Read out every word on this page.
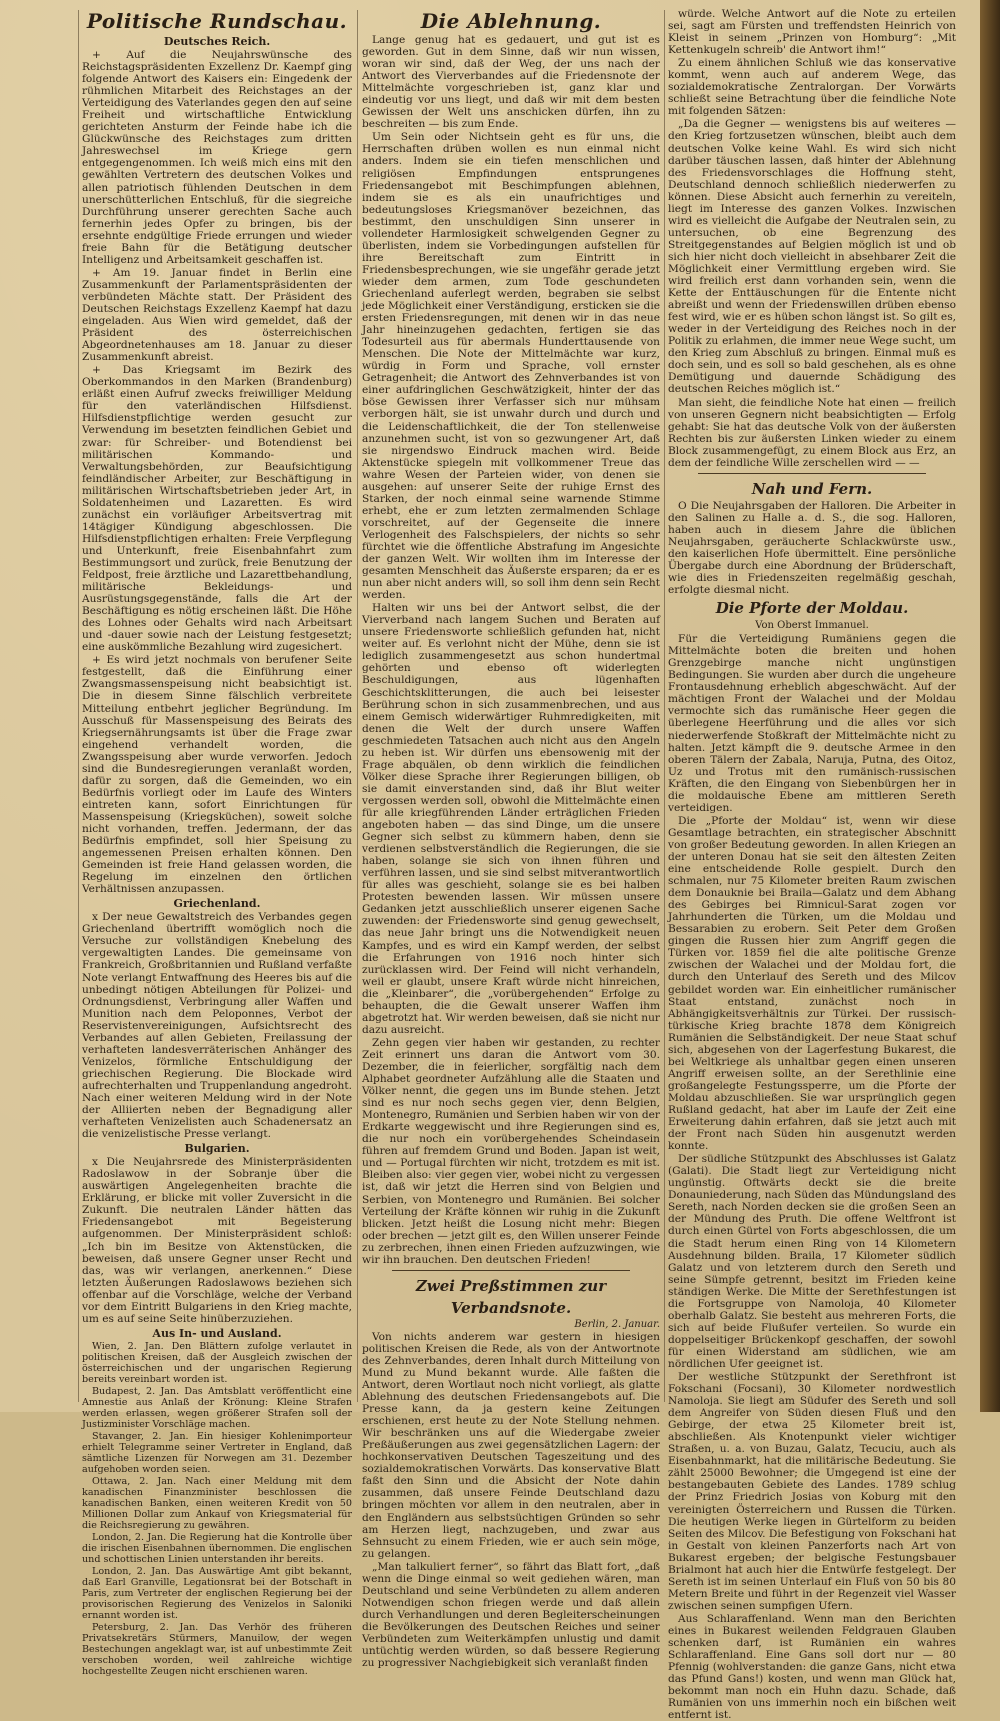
Politische Rundschau.
Deutsches Reich.

+ Auf die Neujahrswünsche des Reichstagspräsidenten Exzellenz Dr. Kaempf ging folgende Antwort des Kaisers ein: Eingedenk der rühmlichen Mitarbeit des Reichstages an der Verteidigung des Vaterlandes gegen den auf seine Freiheit und wirtschaftliche Entwicklung gerichteten Ansturm der Feinde habe ich die Glückwünsche des Reichstages zum dritten Jahreswechsel im Kriege gern entgegengenommen. Ich weiß mich eins mit den gewählten Vertretern des deutschen Volkes und allen patriotisch fühlenden Deutschen in dem unerschütterlichen Entschluß, für die siegreiche Durchführung unserer gerechten Sache auch fernerhin jedes Opfer zu bringen, bis der ersehnte endgültige Friede errungen und wieder freie Bahn für die Betätigung deutscher Intelligenz und Arbeitsamkeit geschaffen ist.

+ Am 19. Januar findet in Berlin eine Zusammenkunft der Parlamentspräsidenten der verbündeten Mächte statt. Der Präsident des Deutschen Reichstags Exzellenz Kaempf hat dazu eingeladen. Aus Wien wird gemeldet, daß der Präsident des österreichischen Abgeordnetenhauses am 18. Januar zu dieser Zusammenkunft abreist.

+ Das Kriegsamt im Bezirk des Oberkommandos in den Marken (Brandenburg) erläßt einen Aufruf zwecks freiwilliger Meldung für den vaterländischen Hilfsdienst. Hilfsdienstpflichtige werden gesucht zur Verwendung im besetzten feindlichen Gebiet und zwar: für Schreiber- und Botendienst bei militärischen Kommando- und Verwaltungsbehörden, zur Beaufsichtigung feindländischer Arbeiter, zur Beschäftigung in militärischen Wirtschaftsbetrieben jeder Art, in Soldatenheimen und Lazaretten. Es wird zunächst ein vorläufiger Arbeitsvertrag mit 14tägiger Kündigung abgeschlossen. Die Hilfsdienstpflichtigen erhalten: Freie Verpflegung und Unterkunft, freie Eisenbahnfahrt zum Bestimmungsort und zurück, freie Benutzung der Feldpost, freie ärztliche und Lazarettbehandlung, militärische Bekleidungs- und Ausrüstungsgegenstände, falls die Art der Beschäftigung es nötig erscheinen läßt. Die Höhe des Lohnes oder Gehalts wird nach Arbeitsart und -dauer sowie nach der Leistung festgesetzt; eine auskömmliche Bezahlung wird zugesichert.

+ Es wird jetzt nochmals von berufener Seite festgestellt, daß die Einführung einer Zwangsmassenspeisung nicht beabsichtigt ist. Die in diesem Sinne fälschlich verbreitete Mitteilung entbehrt jeglicher Begründung. Im Ausschuß für Massenspeisung des Beirats des Kriegsernährungsamts ist über die Frage zwar eingehend verhandelt worden, die Zwangsspeisung aber wurde verworfen. Jedoch sind die Bundesregierungen veranlaßt worden, dafür zu sorgen, daß die Gemeinden, wo ein Bedürfnis vorliegt oder im Laufe des Winters eintreten kann, sofort Einrichtungen für Massenspeisung (Kriegsküchen), soweit solche nicht vorhanden, treffen. Jedermann, der das Bedürfnis empfindet, soll hier Speisung zu angemessenen Preisen erhalten können. Den Gemeinden ist freie Hand gelassen worden, die Regelung im einzelnen den örtlichen Verhältnissen anzupassen.

Griechenland.

x Der neue Gewaltstreich des Verbandes gegen Griechenland übertrifft womöglich noch die Versuche zur vollständigen Knebelung des vergewaltigten Landes. Die gemeinsame von Frankreich, Großbritannien und Rußland verfaßte Note verlangt Entwaffnung des Heeres bis auf die unbedingt nötigen Abteilungen für Polizei- und Ordnungsdienst, Verbringung aller Waffen und Munition nach dem Peloponnes, Verbot der Reservistenvereinigungen, Aufsichtsrecht des Verbandes auf allen Gebieten, Freilassung der verhafteten landesverräterischen Anhänger des Venizelos, förmliche Entschuldigung der griechischen Regierung. Die Blockade wird aufrechterhalten und Truppenlandung angedroht. Nach einer weiteren Meldung wird in der Note der Alliierten neben der Begnadigung aller verhafteten Venizelisten auch Schadenersatz an die venizelistische Presse verlangt.

Bulgarien.

x Die Neujahrsrede des Ministerpräsidenten Radoslawow in der Sobranje über die auswärtigen Angelegenheiten brachte die Erklärung, er blicke mit voller Zuversicht in die Zukunft. Die neutralen Länder hätten das Friedensangebot mit Begeisterung aufgenommen. Der Ministerpräsident schloß: „Ich bin im Besitze von Aktenstücken, die beweisen, daß unsere Gegner unser Recht und das, was wir verlangen, anerkennen.“ Diese letzten Äußerungen Radoslawows beziehen sich offenbar auf die Vorschläge, welche der Verband vor dem Eintritt Bulgariens in den Krieg machte, um es auf seine Seite hinüberzuziehen.

Aus In- und Ausland.

Wien, 2. Jan. Den Blättern zufolge verlautet in politischen Kreisen, daß der Ausgleich zwischen der österreichischen und der ungarischen Regierung bereits vereinbart worden ist.

Budapest, 2. Jan. Das Amtsblatt veröffentlicht eine Amnestie aus Anlaß der Krönung: Kleine Strafen werden erlassen, wegen größerer Strafen soll der Justizminister Vorschläge machen.

Stavanger, 2. Jan. Ein hiesiger Kohlenimporteur erhielt Telegramme seiner Vertreter in England, daß sämtliche Lizenzen für Norwegen am 31. Dezember aufgehoben worden seien.

Ottawa, 2. Jan. Nach einer Meldung mit dem kanadischen Finanzminister beschlossen die kanadischen Banken, einen weiteren Kredit von 50 Millionen Dollar zum Ankauf von Kriegsmaterial für die Reichsregierung zu gewähren.

London, 2. Jan. Die Regierung hat die Kontrolle über die irischen Eisenbahnen übernommen. Die englischen und schottischen Linien unterstanden ihr bereits.

London, 2. Jan. Das Auswärtige Amt gibt bekannt, daß Earl Granville, Legationsrat bei der Botschaft in Paris, zum Vertreter der englischen Regierung bei der provisorischen Regierung des Venizelos in Saloniki ernannt worden ist.

Petersburg, 2. Jan. Das Verhör des früheren Privatsekretärs Stürmers, Manuilow, der wegen Bestechungen angeklagt war, ist auf unbestimmte Zeit verschoben worden, weil zahlreiche wichtige hochgestellte Zeugen nicht erschienen waren.

Die Ablehnung.

Lange genug hat es gedauert, und gut ist es geworden. Gut in dem Sinne, daß wir nun wissen, woran wir sind, daß der Weg, der uns nach der Antwort des Vierverbandes auf die Friedensnote der Mittelmächte vorgeschrieben ist, ganz klar und eindeutig vor uns liegt, und daß wir mit dem besten Gewissen der Welt uns anschicken dürfen, ihn zu beschreiten — bis zum Ende.

Um Sein oder Nichtsein geht es für uns, die Herrschaften drüben wollen es nun einmal nicht anders. Indem sie ein tiefen menschlichen und religiösen Empfindungen entsprungenes Friedensangebot mit Beschimpfungen ablehnen, indem sie es als ein unaufrichtiges und bedeutungsloses Kriegsmanöver bezeichnen, das bestimmt, den unschuldigen Sinn unserer in vollendeter Harmlosigkeit schwelgenden Gegner zu überlisten, indem sie Vorbedingungen aufstellen für ihre Bereitschaft zum Eintritt in Friedensbesprechungen, wie sie ungefähr gerade jetzt wieder dem armen, zum Tode geschundeten Griechenland auferlegt werden, begraben sie selbst jede Möglichkeit einer Verständigung, ersticken sie die ersten Friedensregungen, mit denen wir in das neue Jahr hineinzugehen gedachten, fertigen sie das Todesurteil aus für abermals Hunderttausende von Menschen. Die Note der Mittelmächte war kurz, würdig in Form und Sprache, voll ernster Getragenheit; die Antwort des Zehnverbandes ist von einer aufdringlichen Geschwätzigkeit, hinter der das böse Gewissen ihrer Verfasser sich nur mühsam verborgen hält, sie ist unwahr durch und durch und die Leidenschaftlichkeit, die der Ton stellenweise anzunehmen sucht, ist von so gezwungener Art, daß sie nirgendswo Eindruck machen wird. Beide Aktenstücke spiegeln mit vollkommener Treue das wahre Wesen der Parteien wider, von denen sie ausgehen: auf unserer Seite der ruhige Ernst des Starken, der noch einmal seine warnende Stimme erhebt, ehe er zum letzten zermalmenden Schlage vorschreitet, auf der Gegenseite die innere Verlogenheit des Falschspielers, der nichts so sehr fürchtet wie die öffentliche Abstrafung im Angesichte der ganzen Welt. Wir wollten ihm im Interesse der gesamten Menschheit das Äußerste ersparen; da er es nun aber nicht anders will, so soll ihm denn sein Recht werden.

Halten wir uns bei der Antwort selbst, die der Vierverband nach langem Suchen und Beraten auf unsere Friedensworte schließlich gefunden hat, nicht weiter auf. Es verlohnt nicht der Mühe, denn sie ist lediglich zusammengesetzt aus schon hundertmal gehörten und ebenso oft widerlegten Beschuldigungen, aus lügenhaften Geschichtsklitterungen, die auch bei leisester Berührung schon in sich zusammenbrechen, und aus einem Gemisch widerwärtiger Ruhmredigkeiten, mit denen die Welt der durch unsere Waffen geschmiedeten Tatsachen auch nicht aus den Angeln zu heben ist. Wir dürfen uns ebensowenig mit der Frage abquälen, ob denn wirklich die feindlichen Völker diese Sprache ihrer Regierungen billigen, ob sie damit einverstanden sind, daß ihr Blut weiter vergossen werden soll, obwohl die Mittelmächte einen für alle kriegführenden Länder erträglichen Frieden angeboten haben — das sind Dinge, um die unsere Gegner sich selbst zu kümmern haben, denn sie verdienen selbstverständlich die Regierungen, die sie haben, solange sie sich von ihnen führen und verführen lassen, und sie sind selbst mitverantwortlich für alles was geschieht, solange sie es bei halben Protesten bewenden lassen. Wir müssen unsere Gedanken jetzt ausschließlich unserer eigenen Sache zuwenden: der Friedensworte sind genug gewechselt, das neue Jahr bringt uns die Notwendigkeit neuen Kampfes, und es wird ein Kampf werden, der selbst die Erfahrungen von 1916 noch hinter sich zurücklassen wird. Der Feind will nicht verhandeln, weil er glaubt, unsere Kraft würde nicht hinreichen, die „Kleinbarer“, die „vorübergehenden“ Erfolge zu behaupten, die die Gewalt unserer Waffen ihm abgetrotzt hat. Wir werden beweisen, daß sie nicht nur dazu ausreicht.

Zehn gegen vier haben wir gestanden, zu rechter Zeit erinnert uns daran die Antwort vom 30. Dezember, die in feierlicher, sorgfältig nach dem Alphabet geordneter Aufzählung alle die Staaten und Völker nennt, die gegen uns im Bunde stehen. Jetzt sind es nur noch sechs gegen vier, denn Belgien, Montenegro, Rumänien und Serbien haben wir von der Erdkarte weggewischt und ihre Regierungen sind es, die nur noch ein vorübergehendes Scheindasein führen auf fremdem Grund und Boden. Japan ist weit, und — Portugal fürchten wir nicht, trotzdem es mit ist. Bleiben also: vier gegen vier, wobei nicht zu vergessen ist, daß wir jetzt die Herren sind von Belgien und Serbien, von Montenegro und Rumänien. Bei solcher Verteilung der Kräfte können wir ruhig in die Zukunft blicken. Jetzt heißt die Losung nicht mehr: Biegen oder brechen — jetzt gilt es, den Willen unserer Feinde zu zerbrechen, ihnen einen Frieden aufzuzwingen, wie wir ihn brauchen. Den deutschen Frieden!

Zwei Preßstimmen zur Verbandsnote.
Berlin, 2. Januar.

Von nichts anderem war gestern in hiesigen politischen Kreisen die Rede, als von der Antwortnote des Zehnverbandes, deren Inhalt durch Mitteilung von Mund zu Mund bekannt wurde. Alle faßten die Antwort, deren Wortlaut noch nicht vorliegt, als glatte Ablehnung des deutschen Friedensangebots auf. Die Presse kann, da ja gestern keine Zeitungen erschienen, erst heute zu der Note Stellung nehmen. Wir beschränken uns auf die Wiedergabe zweier Preßäußerungen aus zwei gegensätzlichen Lagern: der hochkonservativen Deutschen Tageszeitung und des sozialdemokratischen Vorwärts. Das konservative Blatt faßt den Sinn und die Absicht der Note dahin zusammen, daß unsere Feinde Deutschland dazu bringen möchten vor allem in den neutralen, aber in den Engländern aus selbstsüchtigen Gründen so sehr am Herzen liegt, nachzugeben, und zwar aus Sehnsucht zu einem Frieden, wie er auch sein möge, zu gelangen.

„Man talkuliert ferner“, so fährt das Blatt fort, „daß wenn die Dinge einmal so weit gediehen wären, man Deutschland und seine Verbündeten zu allem anderen Notwendigen schon friegen werde und daß allein durch Verhandlungen und deren Begleiterscheinungen die Bevölkerungen des Deutschen Reiches und seiner Verbündeten zum Weiterkämpfen unlustig und damit untüchtig werden würden, so daß bessere Regierung zu progressiver Nachgiebigkeit sich veranlaßt finden

würde. Welche Antwort auf die Note zu erteilen sei, sagt am Fürsten und treffendsten Heinrich von Kleist in seinem „Prinzen von Homburg“: „Mit Kettenkugeln schreib' die Antwort ihm!“

Zu einem ähnlichen Schluß wie das konservative kommt, wenn auch auf anderem Wege, das sozialdemokratische Zentralorgan. Der Vorwärts schließt seine Betrachtung über die feindliche Note mit folgenden Sätzen:

„Da die Gegner — wenigstens bis auf weiteres — den Krieg fortzusetzen wünschen, bleibt auch dem deutschen Volke keine Wahl. Es wird sich nicht darüber täuschen lassen, daß hinter der Ablehnung des Friedensvorschlages die Hoffnung steht, Deutschland dennoch schließlich niederwerfen zu können. Diese Absicht auch fernerhin zu vereiteln, liegt im Interesse des ganzen Volkes. Inzwischen wird es vielleicht die Aufgabe der Neutralen sein, zu untersuchen, ob eine Begrenzung des Streitgegenstandes auf Belgien möglich ist und ob sich hier nicht doch vielleicht in absehbarer Zeit die Möglichkeit einer Vermittlung ergeben wird. Sie wird freilich erst dann vorhanden sein, wenn die Kette der Enttäuschungen für die Entente nicht abreißt und wenn der Friedenswillen drüben ebenso fest wird, wie er es hüben schon längst ist. So gilt es, weder in der Verteidigung des Reiches noch in der Politik zu erlahmen, die immer neue Wege sucht, um den Krieg zum Abschluß zu bringen. Einmal muß es doch sein, und es soll so bald geschehen, als es ohne Demütigung und dauernde Schädigung des deutschen Reiches möglich ist.“

Man sieht, die feindliche Note hat einen — freilich von unseren Gegnern nicht beabsichtigten — Erfolg gehabt: Sie hat das deutsche Volk von der äußersten Rechten bis zur äußersten Linken wieder zu einem Block zusammengefügt, zu einem Block aus Erz, an dem der feindliche Wille zerschellen wird — —

Nah und Fern.

O Die Neujahrsgaben der Halloren. Die Arbeiter in den Salinen zu Halle a. d. S., die sog. Halloren, haben auch in diesem Jahre die üblichen Neujahrsgaben, geräucherte Schlackwürste usw., den kaiserlichen Hofe übermittelt. Eine persönliche Übergabe durch eine Abordnung der Brüderschaft, wie dies in Friedenszeiten regelmäßig geschah, erfolgte diesmal nicht.

Die Pforte der Moldau.
Von Oberst Immanuel.

Für die Verteidigung Rumäniens gegen die Mittelmächte boten die breiten und hohen Grenzgebirge manche nicht ungünstigen Bedingungen. Sie wurden aber durch die ungeheure Frontausdehnung erheblich abgeschwächt. Auf der mächtigen Front der Walachei und der Moldau vermochte sich das rumänische Heer gegen die überlegene Heerführung und die alles vor sich niederwerfende Stoßkraft der Mittelmächte nicht zu halten. Jetzt kämpft die 9. deutsche Armee in den oberen Tälern der Zabala, Naruja, Putna, des Oitoz, Uz und Trotus mit den rumänisch-russischen Kräften, die den Eingang von Siebenbürgen her in die moldauische Ebene am mittleren Sereth verteidigen.

Die „Pforte der Moldau“ ist, wenn wir diese Gesamtlage betrachten, ein strategischer Abschnitt von großer Bedeutung geworden. In allen Kriegen an der unteren Donau hat sie seit den ältesten Zeiten eine entscheidende Rolle gespielt. Durch den schmalen, nur 75 Kilometer breiten Raum zwischen dem Donauknie bei Braila—Galatz und dem Abhang des Gebirges bei Rimnicul-Sarat zogen vor Jahrhunderten die Türken, um die Moldau und Bessarabien zu erobern. Seit Peter dem Großen gingen die Russen hier zum Angriff gegen die Türken vor. 1859 fiel die alte politische Grenze zwischen der Walachei und der Moldau fort, die durch den Unterlauf des Sereth und des Milcov gebildet worden war. Ein einheitlicher rumänischer Staat entstand, zunächst noch in Abhängigkeitsverhältnis zur Türkei. Der russisch-türkische Krieg brachte 1878 dem Königreich Rumänien die Selbständigkeit. Der neue Staat schuf sich, abgesehen von der Lagerfestung Bukarest, die bei Weltkriege als unhaltbar gegen einen unseren Angriff erweisen sollte, an der Serethlinie eine großangelegte Festungssperre, um die Pforte der Moldau abzuschließen. Sie war ursprünglich gegen Rußland gedacht, hat aber im Laufe der Zeit eine Erweiterung dahin erfahren, daß sie jetzt auch mit der Front nach Süden hin ausgenutzt werden konnte.

Der südliche Stützpunkt des Abschlusses ist Galatz (Galati). Die Stadt liegt zur Verteidigung nicht ungünstig. Oftwärts deckt sie die breite Donauniederung, nach Süden das Mündungsland des Sereth, nach Norden decken sie die großen Seen an der Mündung des Pruth. Die offene Weltfront ist durch einen Gürtel von Forts abgeschlossen, die um die Stadt herum einen Ring von 14 Kilometern Ausdehnung bilden. Braila, 17 Kilometer südlich Galatz und von letzterem durch den Sereth und seine Sümpfe getrennt, besitzt im Frieden keine ständigen Werke. Die Mitte der Serethfestungen ist die Fortsgruppe von Namoloja, 40 Kilometer oberhalb Galatz. Sie besteht aus mehreren Forts, die sich auf beide Flußufer verteilen. So wurde ein doppelseitiger Brückenkopf geschaffen, der sowohl für einen Widerstand am südlichen, wie am nördlichen Ufer geeignet ist.

Der westliche Stützpunkt der Serethfront ist Fokschani (Focsani), 30 Kilometer nordwestlich Namoloja. Sie liegt am Südufer des Sereth und soll dem Angreifer von Süden diesen Fluß und den Gebirge, der etwa 25 Kilometer breit ist, abschließen. Als Knotenpunkt vieler wichtiger Straßen, u. a. von Buzau, Galatz, Tecuciu, auch als Eisenbahnmarkt, hat die militärische Bedeutung. Sie zählt 25000 Bewohner; die Umgegend ist eine der bestangebauten Gebiete des Landes. 1789 schlug der Prinz Friedrich Josias von Koburg mit den vereinigten Österreichern und Russen die Türken. Die heutigen Werke liegen in Gürtelform zu beiden Seiten des Milcov. Die Befestigung von Fokschani hat in Gestalt von kleinen Panzerforts nach Art von Bukarest ergeben; der belgische Festungsbauer Brialmont hat auch hier die Entwürfe festgelegt. Der Sereth ist im seinen Unterlauf ein Fluß von 50 bis 80 Metern Breite und führt in der Regenzeit viel Wasser zwischen seinen sumpfigen Ufern.

Aus Schlaraffenland. Wenn man den Berichten eines in Bukarest weilenden Feldgrauen Glauben schenken darf, ist Rumänien ein wahres Schlaraffenland. Eine Gans soll dort nur — 80 Pfennig (wohlverstanden: die ganze Gans, nicht etwa das Pfund Gans!) kosten, und wenn man Glück hat, bekommt man noch ein Huhn dazu. Schade, daß Rumänien von uns immerhin noch ein bißchen weit entfernt ist.
